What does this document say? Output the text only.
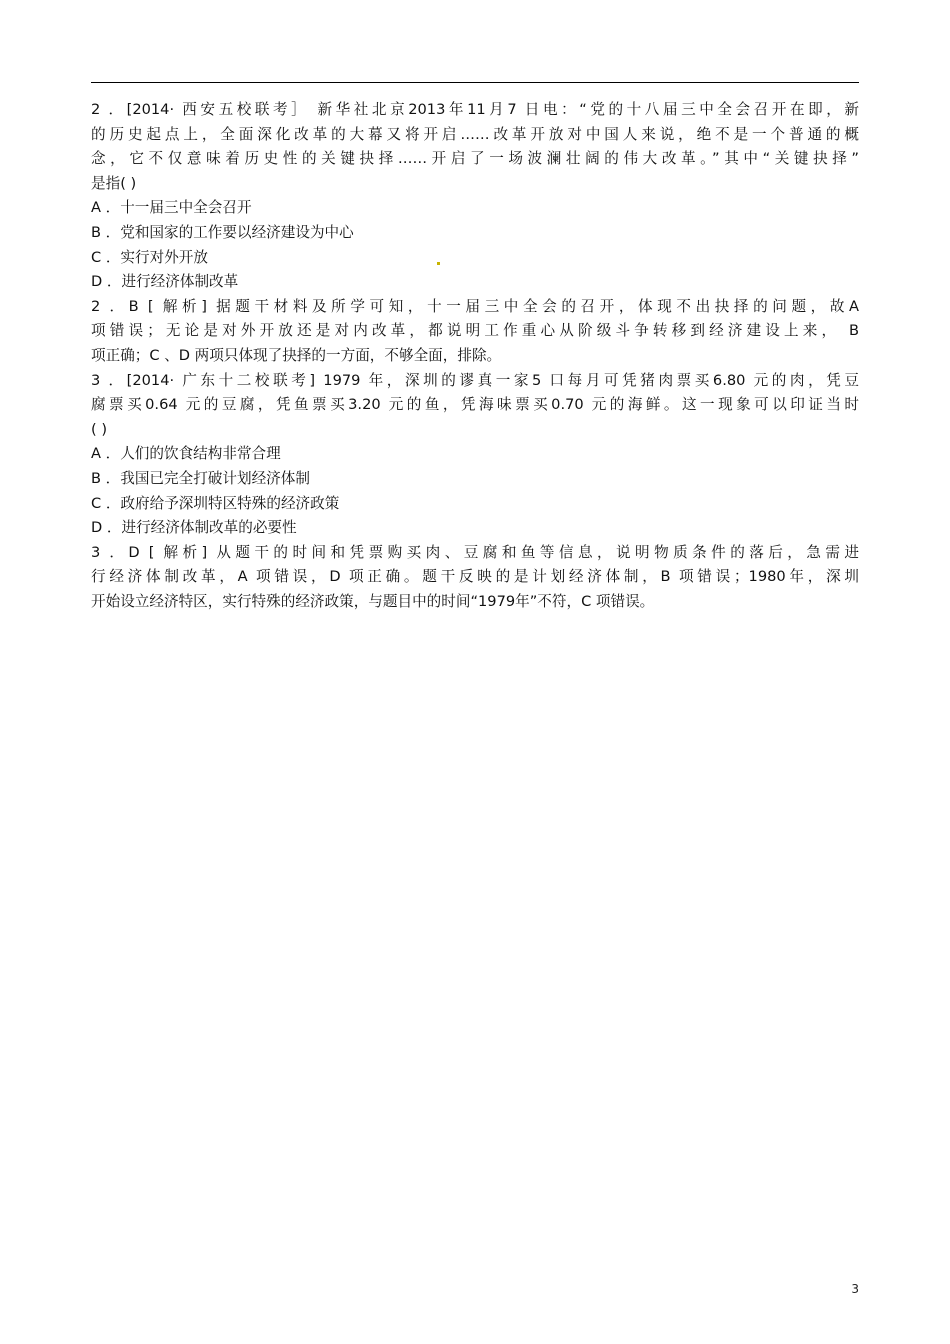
2 ．[2014· 西安五校联考］ 新华社北京2013年11月7 日电：“党的十八届三中全会召开在即，新
的历史起点上，全面深化改革的大幕又将开启……改革开放对中国人来说，绝不是一个普通的概
念，它不仅意味着历史性的关键抉择……开启了一场波澜壮阔的伟大改革。”其中“关键抉择”
是指( )
A ．十一届三中全会召开
B ．党和国家的工作要以经济建设为中心
C ．实行对外开放
D ．进行经济体制改革
2 ．B [ 解析] 据题干材料及所学可知，十一届三中全会的召开，体现不出抉择的问题，故A
项错误；无论是对外开放还是对内改革，都说明工作重心从阶级斗争转移到经济建设上来， B
项正确；C 、D 两项只体现了抉择的一方面，不够全面，排除。
3 ．[2014· 广东十二校联考] 1979 年，深圳的谬真一家5 口每月可凭猪肉票买6.80 元的肉，凭豆
腐票买0.64 元的豆腐，凭鱼票买3.20 元的鱼，凭海味票买0.70 元的海鲜。这一现象可以印证当时
( )
A ．人们的饮食结构非常合理
B ．我国已完全打破计划经济体制
C ．政府给予深圳特区特殊的经济政策
D ．进行经济体制改革的必要性
3 ．D [ 解析] 从题干的时间和凭票购买肉、豆腐和鱼等信息，说明物质条件的落后，急需进
行经济体制改革，A 项错误，D 项正确。题干反映的是计划经济体制，B 项错误；1980年，深圳
开始设立经济特区，实行特殊的经济政策，与题目中的时间“1979年”不符，C 项错误。
3
